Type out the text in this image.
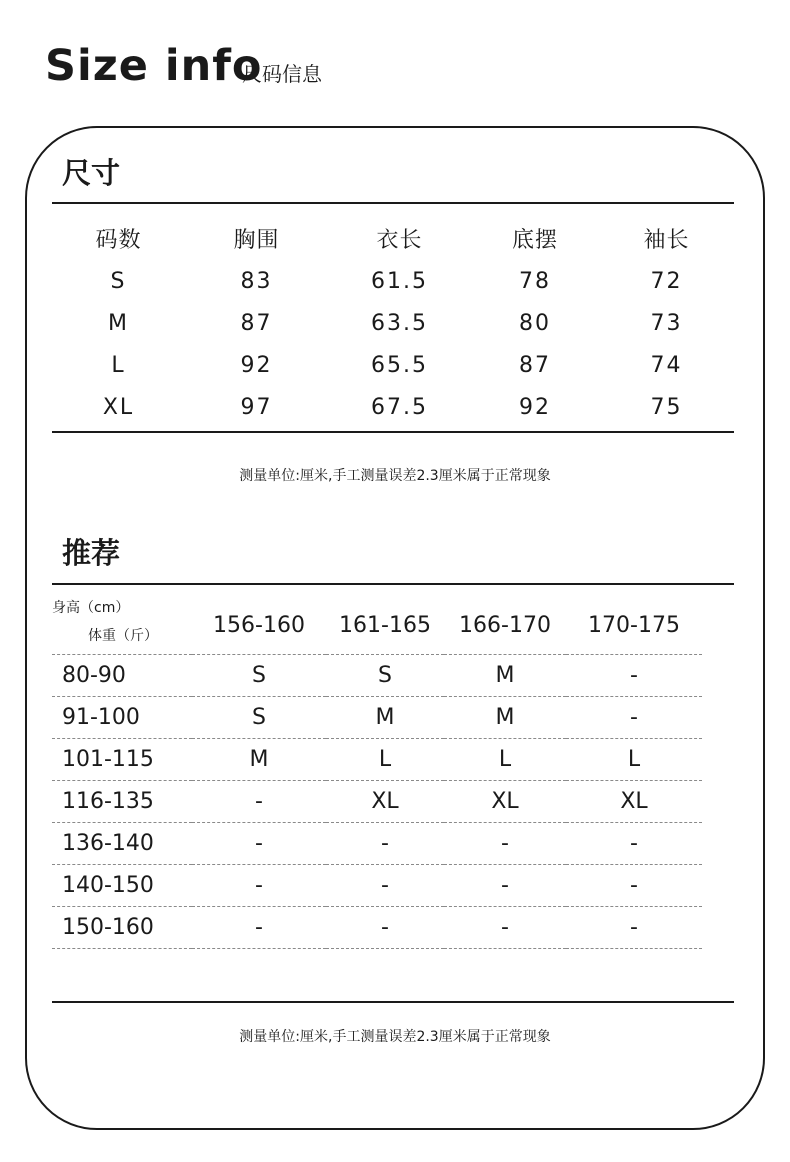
Size info
尺码信息
尺寸
码数	胸围	衣长	底摆	袖长
S	83	61.5	78	72
M	87	63.5	80	73
L	92	65.5	87	74
XL	97	67.5	92	75
测量单位:厘米,手工测量误差2.3厘米属于正常现象
推荐
身高（cm）
体重（斤）	156-160	161-165	166-170	170-175
80-90	S	S	M	-
91-100	S	M	M	-
101-115	M	L	L	L
116-135	-	XL	XL	XL
136-140	-	-	-	-
140-150	-	-	-	-
150-160	-	-	-	-
测量单位:厘米,手工测量误差2.3厘米属于正常现象
